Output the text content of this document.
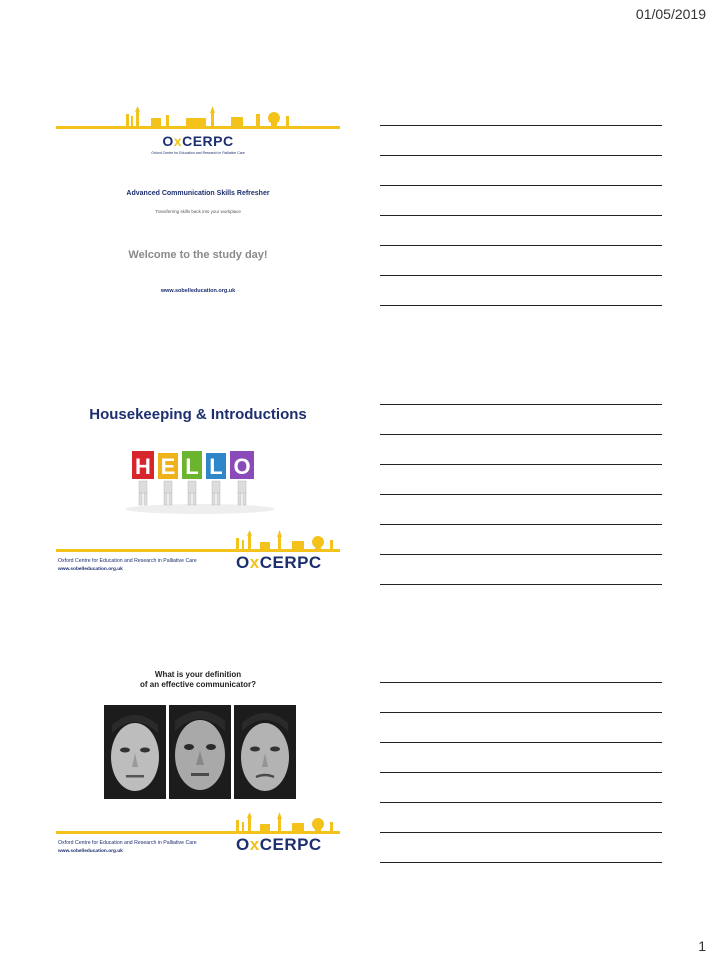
01/05/2019
OxCERPC
Oxford Centre for Education and Research in Palliative Care
Advanced Communication Skills Refresher
Transferring skills back into your workplace
Welcome to the study day!
www.sobelleducation.org.uk
Housekeeping & Introductions
H E L L O
Oxford Centre for Education and Research in Palliative Care
www.sobelleducation.org.uk	OxCERPC
What is your definition
of an effective communicator?
Oxford Centre for Education and Research in Palliative Care
www.sobelleducation.org.uk	OxCERPC
1
